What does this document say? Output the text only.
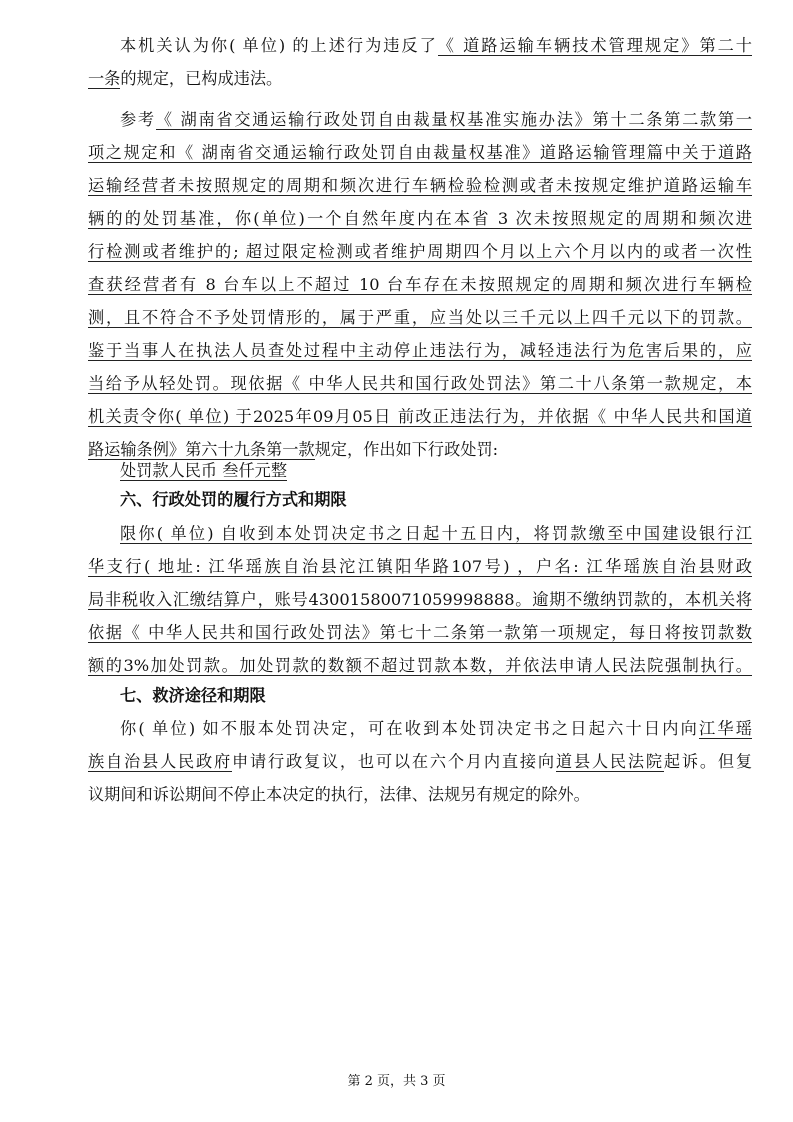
本机关认为你( 单位) 的上述行为违反了《 道路运输车辆技术管理规定》第二十
一条的规定，已构成违法。
参考《 湖南省交通运输行政处罚自由裁量权基准实施办法》第十二条第二款第一
项之规定和《 湖南省交通运输行政处罚自由裁量权基准》道路运输管理篇中关于道路
运输经营者未按照规定的周期和频次进行车辆检验检测或者未按规定维护道路运输车
辆的的处罚基准，你(单位)一个自然年度内在本省 3 次未按照规定的周期和频次进
行检测或者维护的; 超过限定检测或者维护周期四个月以上六个月以内的或者一次性
查获经营者有 8 台车以上不超过 10 台车存在未按照规定的周期和频次进行车辆检
测，且不符合不予处罚情形的，属于严重，应当处以三千元以上四千元以下的罚款。
鉴于当事人在执法人员查处过程中主动停止违法行为，减轻违法行为危害后果的，应
当给予从轻处罚。现依据《 中华人民共和国行政处罚法》第二十八条第一款规定，本
机关责令你( 单位) 于2025年09月05日 前改正违法行为，并依据《 中华人民共和国道
路运输条例》第六十九条第一款规定，作出如下行政处罚:
处罚款人民币 叁仟元整
六、行政处罚的履行方式和期限
限你( 单位) 自收到本处罚决定书之日起十五日内，将罚款缴至中国建设银行江
华支行( 地址: 江华瑶族自治县沱江镇阳华路107号) ，户名: 江华瑶族自治县财政
局非税收入汇缴结算户，账号43001580071059998888。逾期不缴纳罚款的，本机关将
依据《 中华人民共和国行政处罚法》第七十二条第一款第一项规定，每日将按罚款数
额的3%加处罚款。加处罚款的数额不超过罚款本数，并依法申请人民法院强制执行。
七、救济途径和期限
你( 单位) 如不服本处罚决定，可在收到本处罚决定书之日起六十日内向江华瑶
族自治县人民政府申请行政复议，也可以在六个月内直接向道县人民法院起诉。但复
议期间和诉讼期间不停止本决定的执行，法律、法规另有规定的除外。
第 2 页，共 3 页
